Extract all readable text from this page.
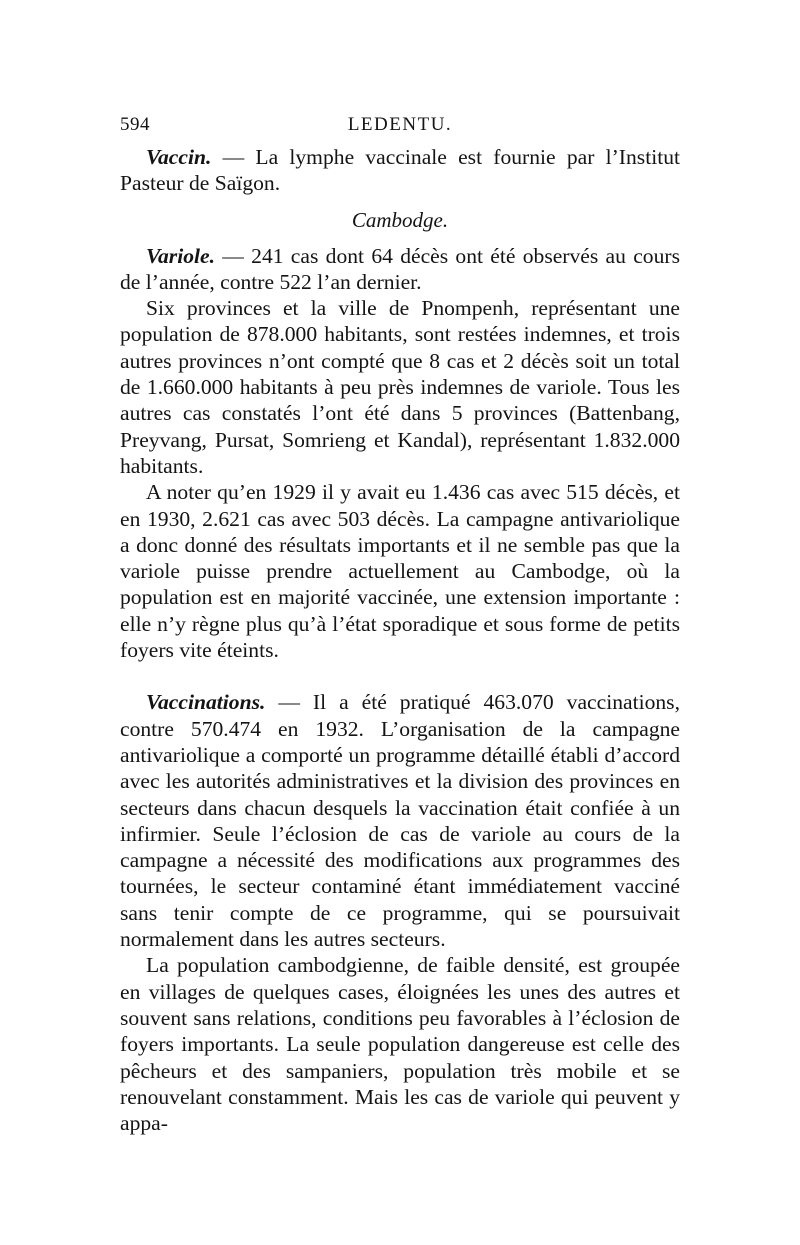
594	LEDENTU.

Vaccin. — La lymphe vaccinale est fournie par l’Institut Pasteur de Saïgon.

Cambodge.

Variole. — 241 cas dont 64 décès ont été observés au cours de l’année, contre 522 l’an dernier.

Six provinces et la ville de Pnompenh, représentant une population de 878.000 habitants, sont restées indemnes, et trois autres provinces n’ont compté que 8 cas et 2 décès soit un total de 1.660.000 habitants à peu près indemnes de variole. Tous les autres cas constatés l’ont été dans 5 provinces (Battenbang, Preyvang, Pursat, Somrieng et Kandal), représentant 1.832.000 habitants.

A noter qu’en 1929 il y avait eu 1.436 cas avec 515 décès, et en 1930, 2.621 cas avec 503 décès. La campagne antivariolique a donc donné des résultats importants et il ne semble pas que la variole puisse prendre actuellement au Cambodge, où la population est en majorité vaccinée, une extension importante : elle n’y règne plus qu’à l’état sporadique et sous forme de petits foyers vite éteints.

Vaccinations. — Il a été pratiqué 463.070 vaccinations, contre 570.474 en 1932. L’organisation de la campagne antivariolique a comporté un programme détaillé établi d’accord avec les autorités administratives et la division des provinces en secteurs dans chacun desquels la vaccination était confiée à un infirmier. Seule l’éclosion de cas de variole au cours de la campagne a nécessité des modifications aux programmes des tournées, le secteur contaminé étant immédiatement vacciné sans tenir compte de ce programme, qui se poursuivait normalement dans les autres secteurs.

La population cambodgienne, de faible densité, est groupée en villages de quelques cases, éloignées les unes des autres et souvent sans relations, conditions peu favorables à l’éclosion de foyers importants. La seule population dangereuse est celle des pêcheurs et des sampaniers, population très mobile et se renouvelant constamment. Mais les cas de variole qui peuvent y appa-
